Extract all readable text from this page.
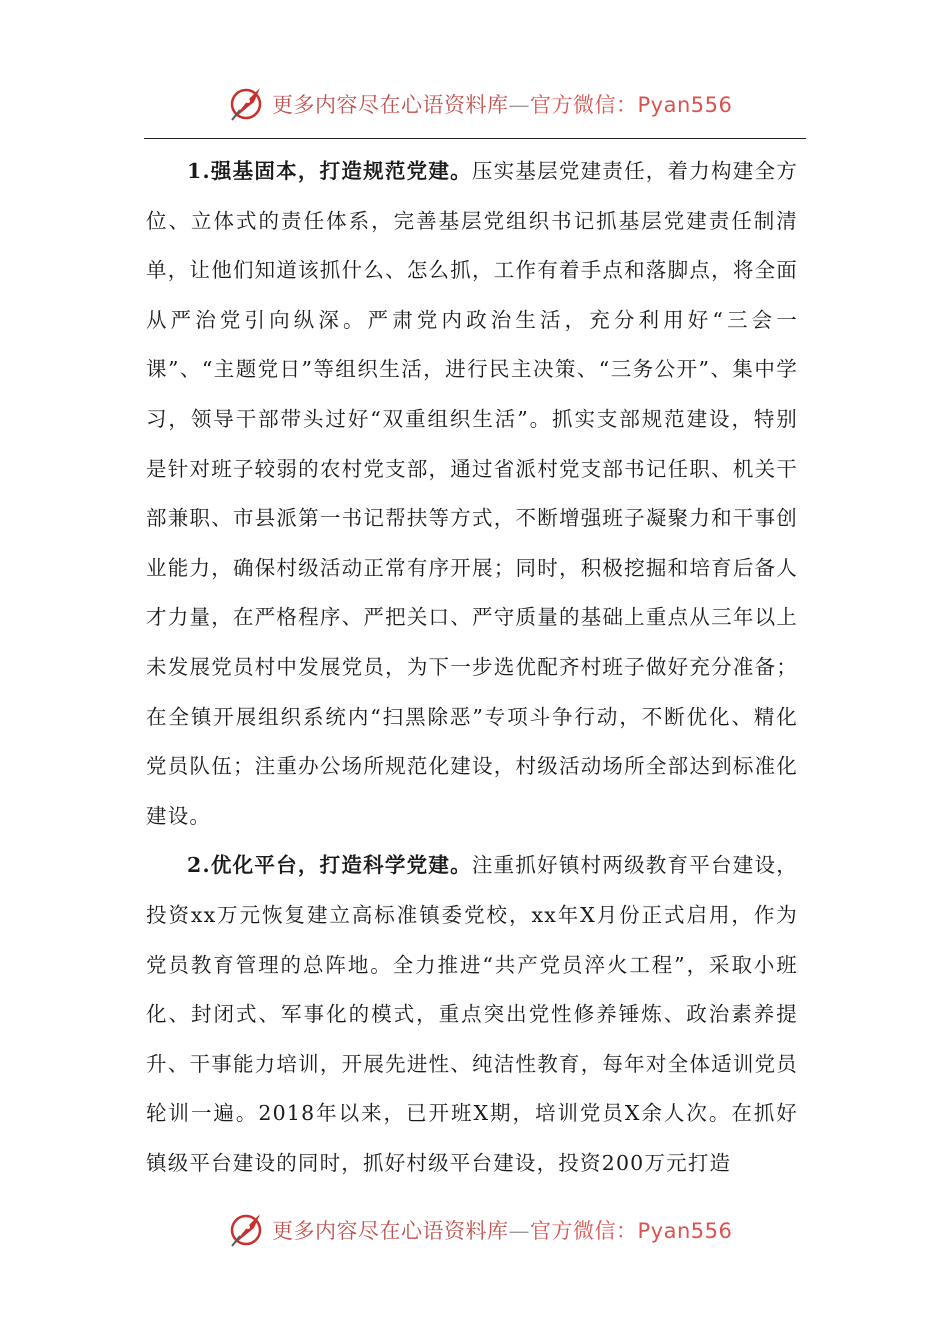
更多内容尽在心语资料库—官方微信：Pyan556

1.强基固本，打造规范党建。压实基层党建责任，着力构建全方位、立体式的责任体系，完善基层党组织书记抓基层党建责任制清单，让他们知道该抓什么、怎么抓，工作有着手点和落脚点，将全面从严治党引向纵深。严肃党内政治生活，充分利用好“三会一课”、“主题党日”等组织生活，进行民主决策、“三务公开”、集中学习，领导干部带头过好“双重组织生活”。抓实支部规范建设，特别是针对班子较弱的农村党支部，通过省派村党支部书记任职、机关干部兼职、市县派第一书记帮扶等方式，不断增强班子凝聚力和干事创业能力，确保村级活动正常有序开展；同时，积极挖掘和培育后备人才力量，在严格程序、严把关口、严守质量的基础上重点从三年以上未发展党员村中发展党员，为下一步选优配齐村班子做好充分准备；在全镇开展组织系统内“扫黑除恶”专项斗争行动，不断优化、精化党员队伍；注重办公场所规范化建设，村级活动场所全部达到标准化建设。

2.优化平台，打造科学党建。注重抓好镇村两级教育平台建设，投资xx万元恢复建立高标准镇委党校，xx年X月份正式启用，作为党员教育管理的总阵地。全力推进“共产党员淬火工程”，采取小班化、封闭式、军事化的模式，重点突出党性修养锤炼、政治素养提升、干事能力培训，开展先进性、纯洁性教育，每年对全体适训党员轮训一遍。2018年以来，已开班X期，培训党员X余人次。在抓好镇级平台建设的同时，抓好村级平台建设，投资200万元打造

更多内容尽在心语资料库—官方微信：Pyan556
